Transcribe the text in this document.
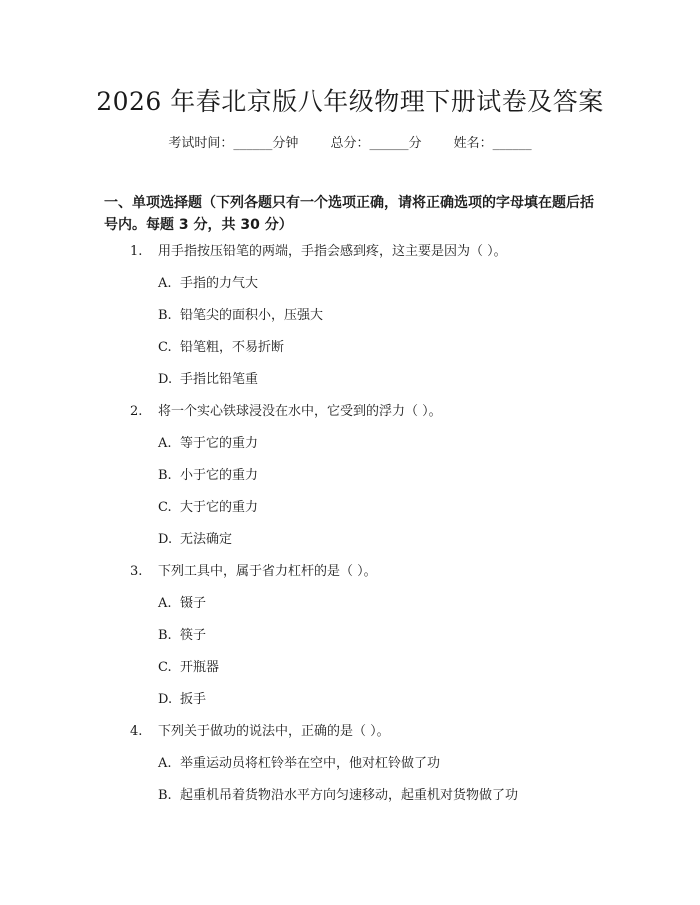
2026 年春北京版八年级物理下册试卷及答案
考试时间：______分钟 总分：______分 姓名：______
一、单项选择题（下列各题只有一个选项正确，请将正确选项的字母填在题后括号内。每题 3 分，共 30 分）
1. 用手指按压铅笔的两端，手指会感到疼，这主要是因为（ ）。
A. 手指的力气大
B. 铅笔尖的面积小，压强大
C. 铅笔粗，不易折断
D. 手指比铅笔重
2. 将一个实心铁球浸没在水中，它受到的浮力（ ）。
A. 等于它的重力
B. 小于它的重力
C. 大于它的重力
D. 无法确定
3. 下列工具中，属于省力杠杆的是（ ）。
A. 镊子
B. 筷子
C. 开瓶器
D. 扳手
4. 下列关于做功的说法中，正确的是（ ）。
A. 举重运动员将杠铃举在空中，他对杠铃做了功
B. 起重机吊着货物沿水平方向匀速移动，起重机对货物做了功
